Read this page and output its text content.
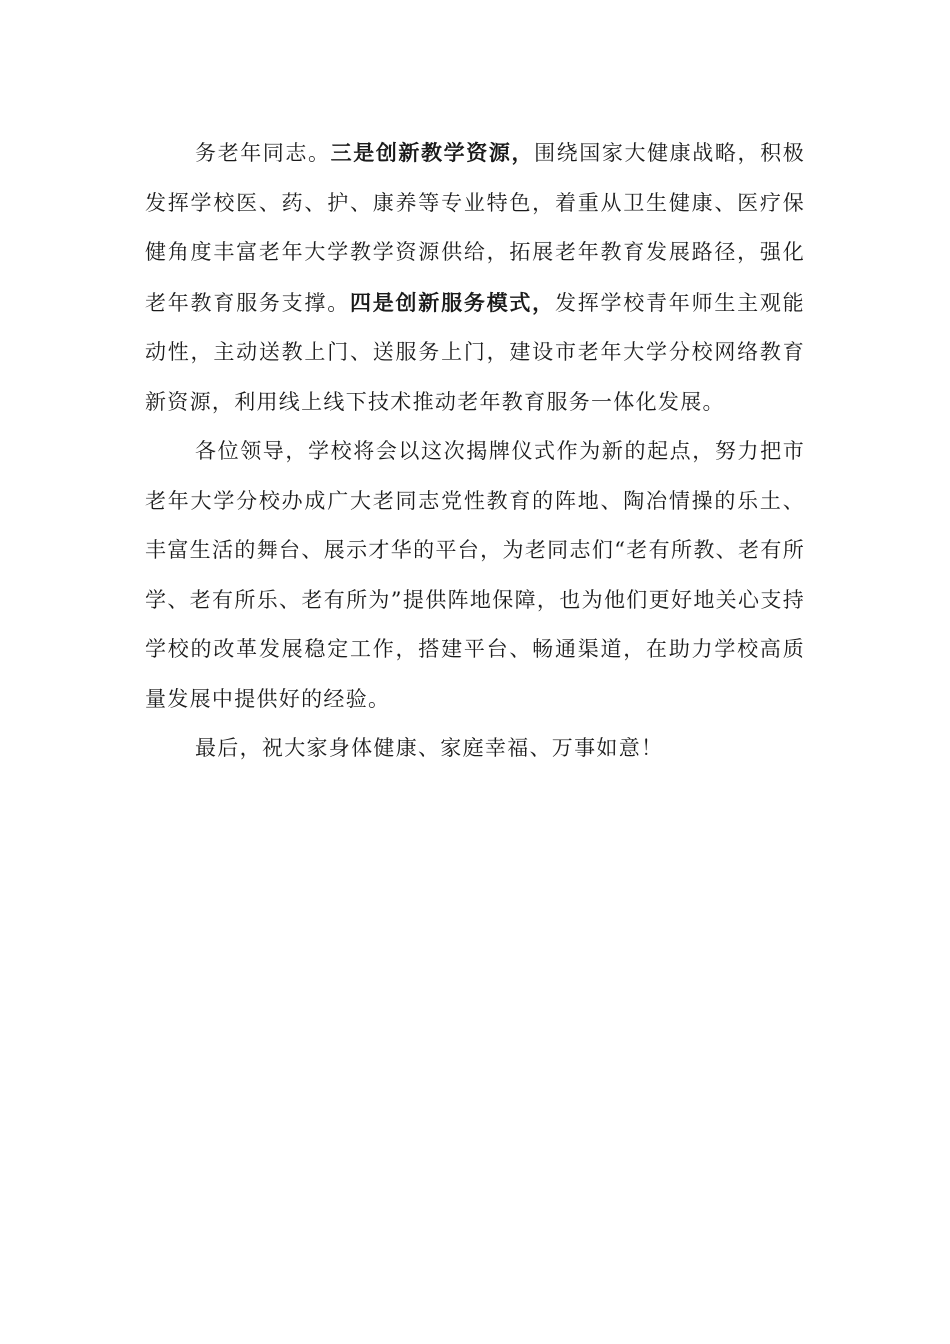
务老年同志。三是创新教学资源，围绕国家大健康战略，积极发挥学校医、药、护、康养等专业特色，着重从卫生健康、医疗保健角度丰富老年大学教学资源供给，拓展老年教育发展路径，强化老年教育服务支撑。四是创新服务模式，发挥学校青年师生主观能动性，主动送教上门、送服务上门，建设市老年大学分校网络教育新资源，利用线上线下技术推动老年教育服务一体化发展。

各位领导，学校将会以这次揭牌仪式作为新的起点，努力把市老年大学分校办成广大老同志党性教育的阵地、陶冶情操的乐土、丰富生活的舞台、展示才华的平台，为老同志们“老有所教、老有所学、老有所乐、老有所为”提供阵地保障，也为他们更好地关心支持学校的改革发展稳定工作，搭建平台、畅通渠道，在助力学校高质量发展中提供好的经验。

最后，祝大家身体健康、家庭幸福、万事如意！
